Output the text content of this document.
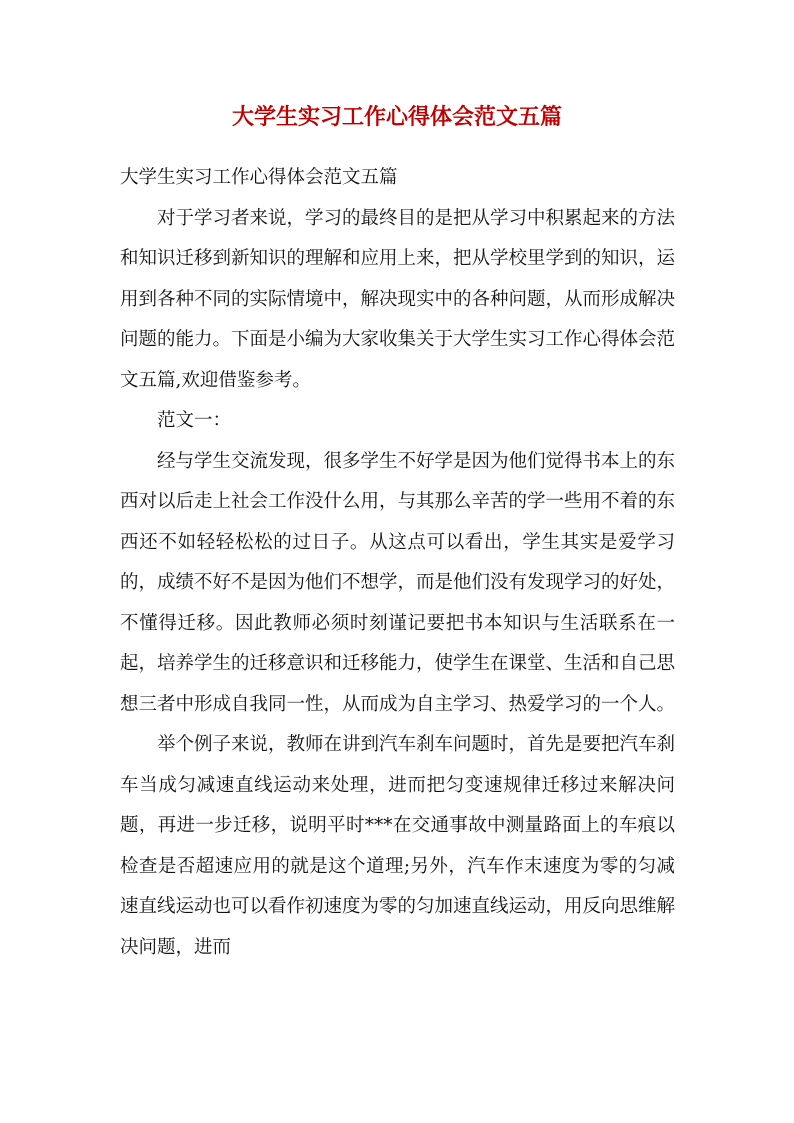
大学生实习工作心得体会范文五篇

大学生实习工作心得体会范文五篇

对于学习者来说，学习的最终目的是把从学习中积累起来的方法和知识迁移到新知识的理解和应用上来，把从学校里学到的知识，运用到各种不同的实际情境中，解决现实中的各种问题，从而形成解决问题的能力。下面是小编为大家收集关于大学生实习工作心得体会范文五篇,欢迎借鉴参考。

范文一：

经与学生交流发现，很多学生不好学是因为他们觉得书本上的东西对以后走上社会工作没什么用，与其那么辛苦的学一些用不着的东西还不如轻轻松松的过日子。从这点可以看出，学生其实是爱学习的，成绩不好不是因为他们不想学，而是他们没有发现学习的好处，不懂得迁移。因此教师必须时刻谨记要把书本知识与生活联系在一起，培养学生的迁移意识和迁移能力，使学生在课堂、生活和自己思想三者中形成自我同一性，从而成为自主学习、热爱学习的一个人。

举个例子来说，教师在讲到汽车刹车问题时，首先是要把汽车刹车当成匀减速直线运动来处理，进而把匀变速规律迁移过来解决问题，再进一步迁移，说明平时***在交通事故中测量路面上的车痕以检查是否超速应用的就是这个道理;另外，汽车作末速度为零的匀减速直线运动也可以看作初速度为零的匀加速直线运动，用反向思维解决问题，进而
